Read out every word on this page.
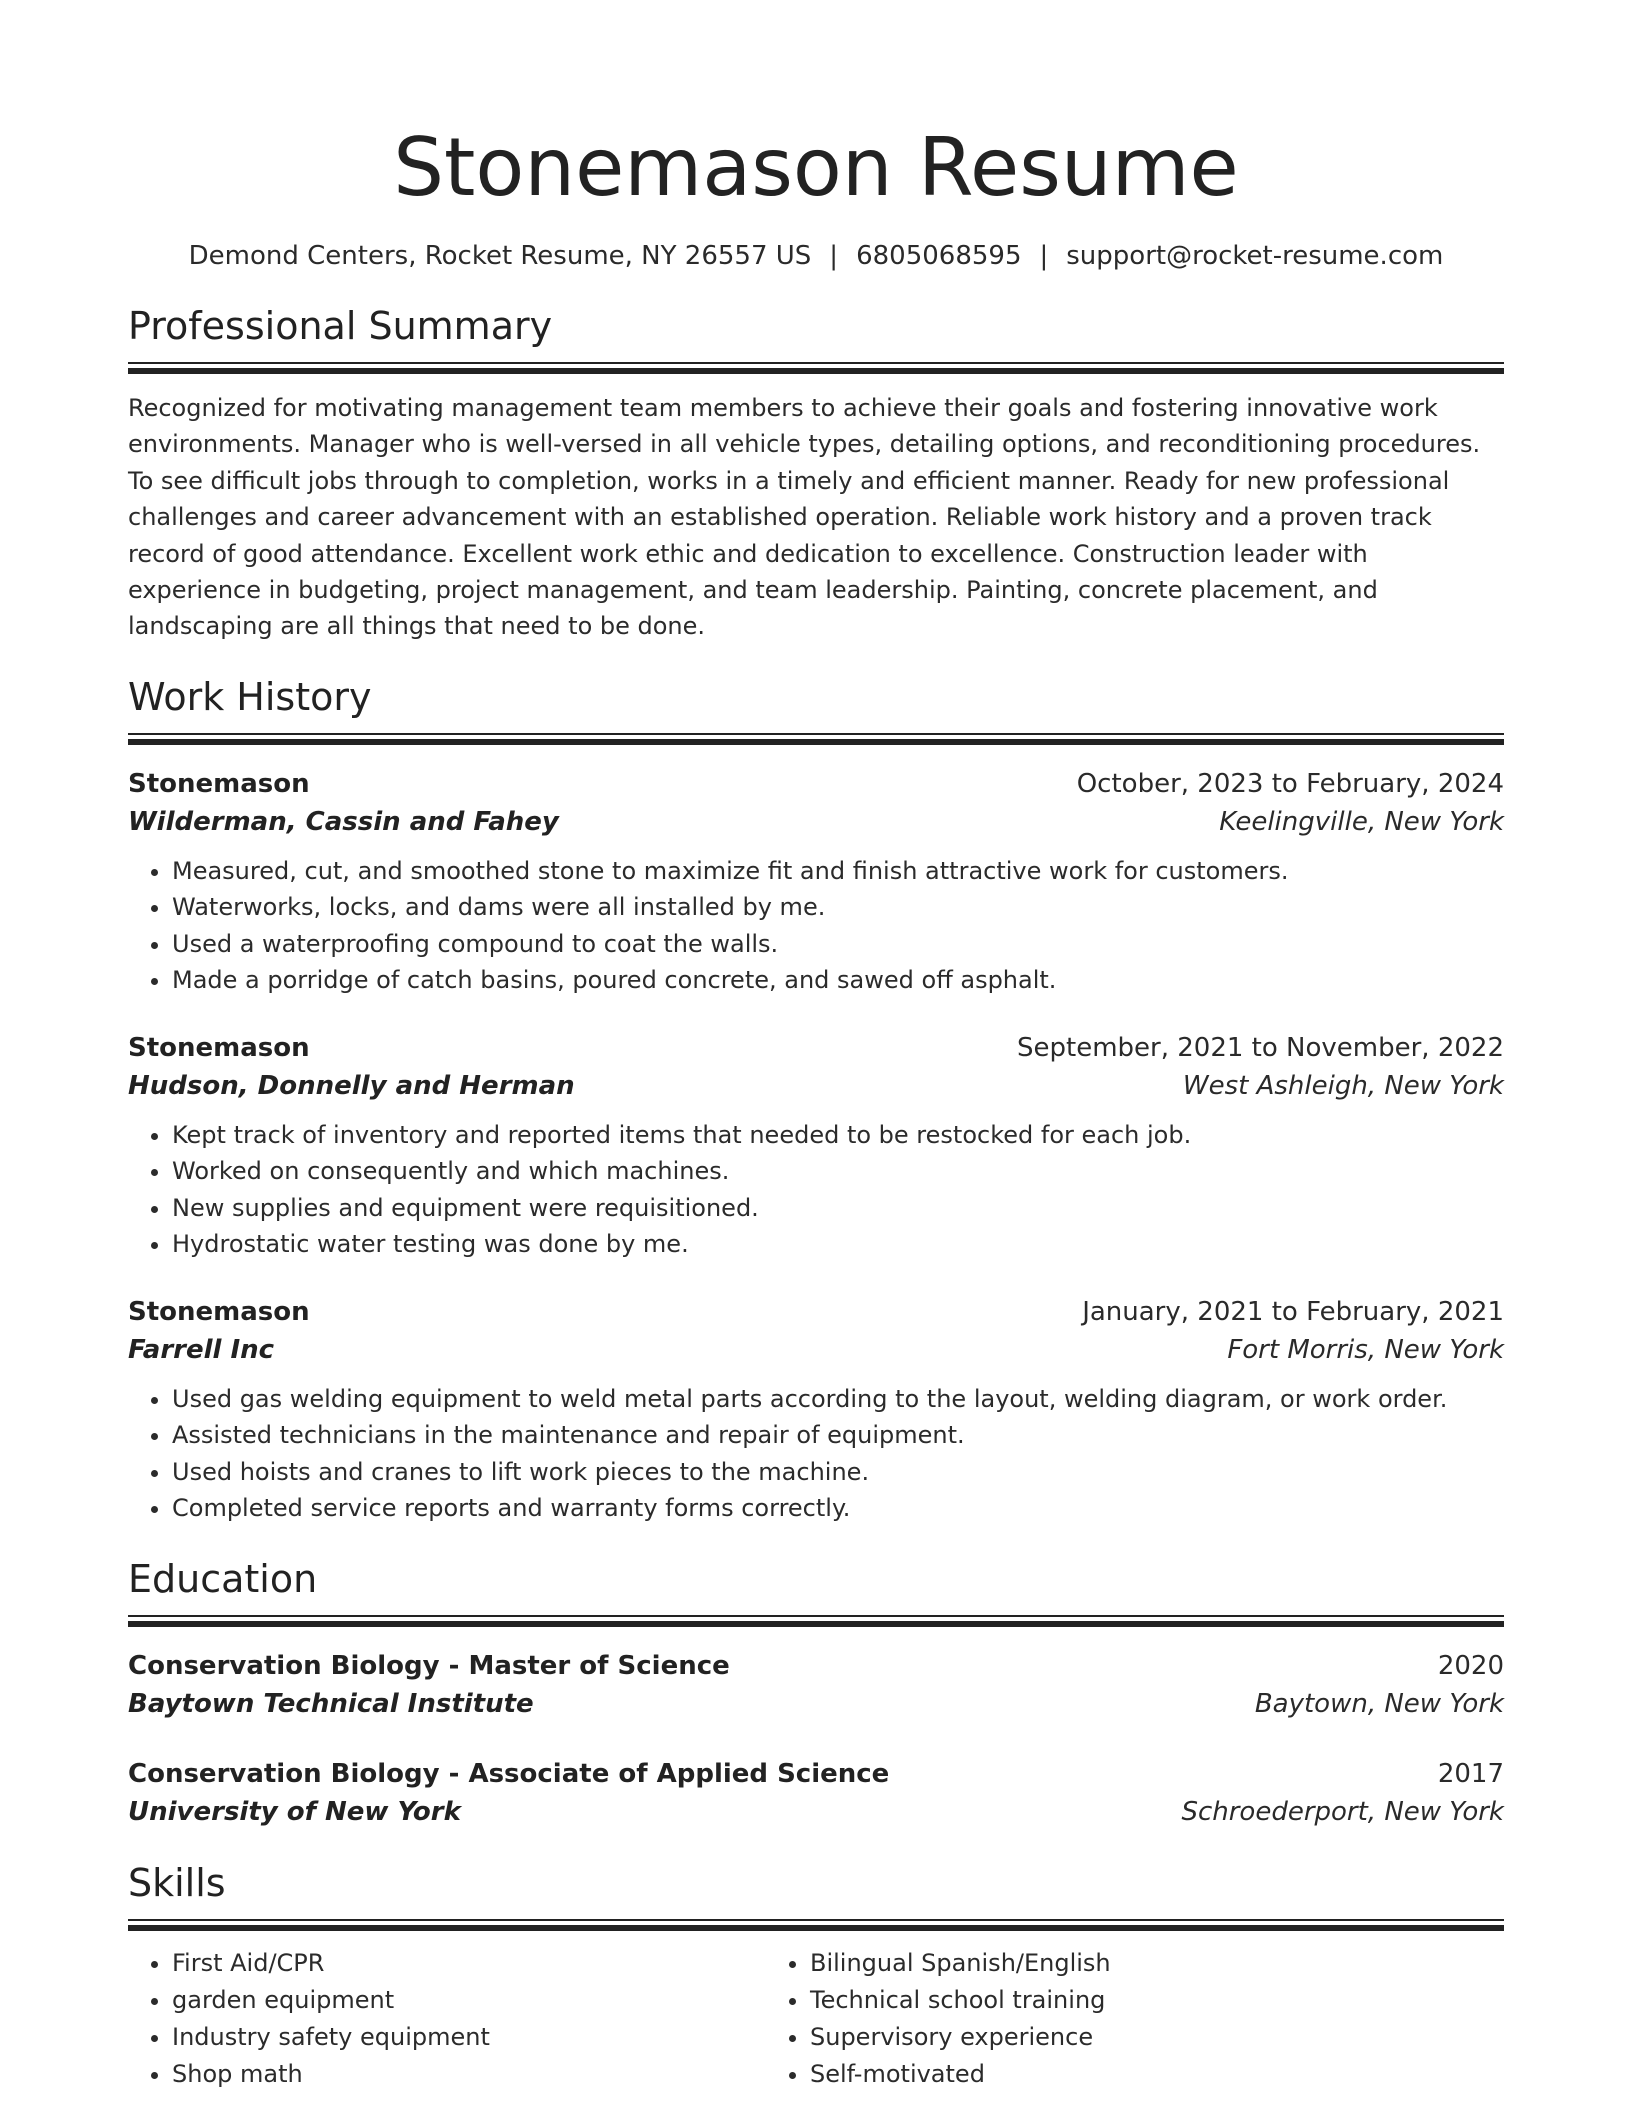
Stonemason Resume
Demond Centers, Rocket Resume, NY 26557 US | 6805068595 | support@rocket-resume.com
Professional Summary

Recognized for motivating management team members to achieve their goals and fostering innovative work environments. Manager who is well-versed in all vehicle types, detailing options, and reconditioning procedures. To see difficult jobs through to completion, works in a timely and efficient manner. Ready for new professional challenges and career advancement with an established operation. Reliable work history and a proven track record of good attendance. Excellent work ethic and dedication to excellence. Construction leader with experience in budgeting, project management, and team leadership. Painting, concrete placement, and landscaping are all things that need to be done.

Work History
Stonemason	October, 2023 to February, 2024
Wilderman, Cassin and Fahey	Keelingville, New York
• Measured, cut, and smoothed stone to maximize fit and finish attractive work for customers.
• Waterworks, locks, and dams were all installed by me.
• Used a waterproofing compound to coat the walls.
• Made a porridge of catch basins, poured concrete, and sawed off asphalt.
Stonemason	September, 2021 to November, 2022
Hudson, Donnelly and Herman	West Ashleigh, New York
• Kept track of inventory and reported items that needed to be restocked for each job.
• Worked on consequently and which machines.
• New supplies and equipment were requisitioned.
• Hydrostatic water testing was done by me.
Stonemason	January, 2021 to February, 2021
Farrell Inc	Fort Morris, New York
• Used gas welding equipment to weld metal parts according to the layout, welding diagram, or work order.
• Assisted technicians in the maintenance and repair of equipment.
• Used hoists and cranes to lift work pieces to the machine.
• Completed service reports and warranty forms correctly.
Education
Conservation Biology - Master of Science	2020
Baytown Technical Institute	Baytown, New York
Conservation Biology - Associate of Applied Science	2017
University of New York	Schroederport, New York
Skills
• First Aid/CPR
• garden equipment
• Industry safety equipment
• Shop math
• Bilingual Spanish/English
• Technical school training
• Supervisory experience
• Self-motivated
